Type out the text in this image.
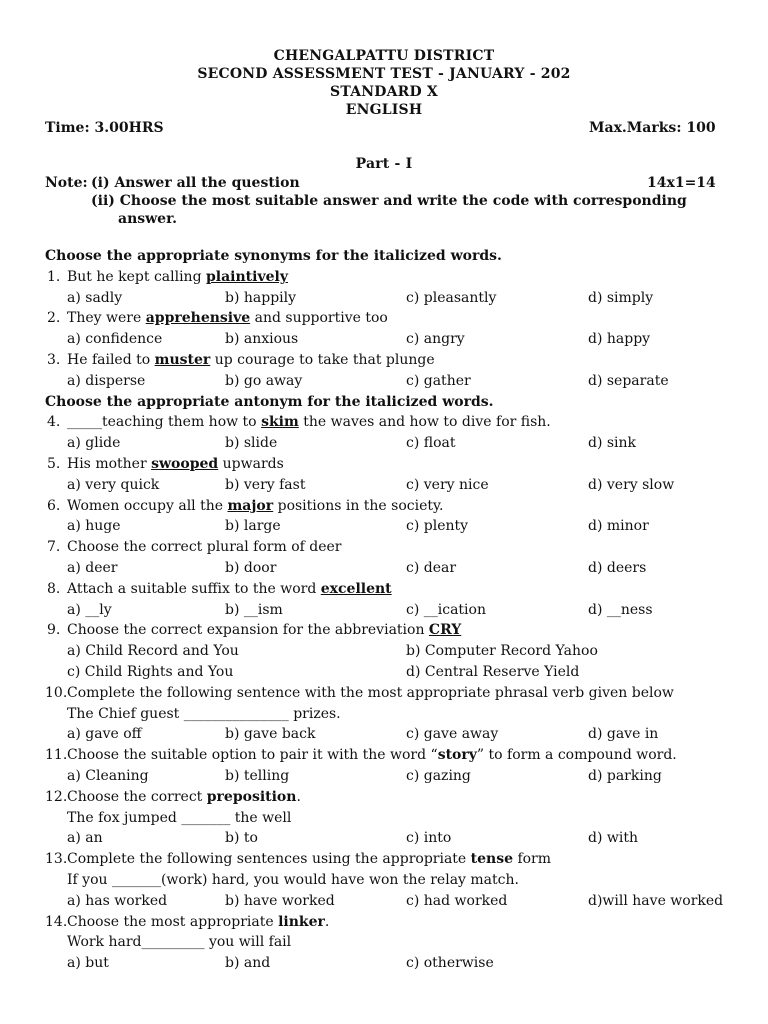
CHENGALPATTU DISTRICT
SECOND ASSESSMENT TEST - JANUARY - 202
STANDARD X
ENGLISH
Time: 3.00HRS	Max.Marks: 100
Part - I
Note: (i) Answer all the question	14x1=14
(ii) Choose the most suitable answer and write the code with corresponding
answer.
Choose the appropriate synonyms for the italicized words.
1. But he kept calling plaintively
a) sadly	b) happily	c) pleasantly	d) simply
2. They were apprehensive and supportive too
a) confidence	b) anxious	c) angry	d) happy
3. He failed to muster up courage to take that plunge
a) disperse	b) go away	c) gather	d) separate
Choose the appropriate antonym for the italicized words.
4. _____teaching them how to skim the waves and how to dive for fish.
a) glide	b) slide	c) float	d) sink
5. His mother swooped upwards
a) very quick	b) very fast	c) very nice	d) very slow
6. Women occupy all the major positions in the society.
a) huge	b) large	c) plenty	d) minor
7. Choose the correct plural form of deer
a) deer	b) door	c) dear	d) deers
8. Attach a suitable suffix to the word excellent
a) __ly	b) __ism	c) __ication	d) __ness
9. Choose the correct expansion for the abbreviation CRY
a) Child Record and You	b) Computer Record Yahoo
c) Child Rights and You	d) Central Reserve Yield
10. Complete the following sentence with the most appropriate phrasal verb given below
The Chief guest _______________ prizes.
a) gave off	b) gave back	c) gave away	d) gave in
11. Choose the suitable option to pair it with the word “story” to form a compound word.
a) Cleaning	b) telling	c) gazing	d) parking
12. Choose the correct preposition.
The fox jumped _______ the well
a) an	b) to	c) into	d) with
13. Complete the following sentences using the appropriate tense form
If you _______(work) hard, you would have won the relay match.
a) has worked	b) have worked	c) had worked	d)will have worked
14. Choose the most appropriate linker.
Work hard_________ you will fail
a) but	b) and	c) otherwise
